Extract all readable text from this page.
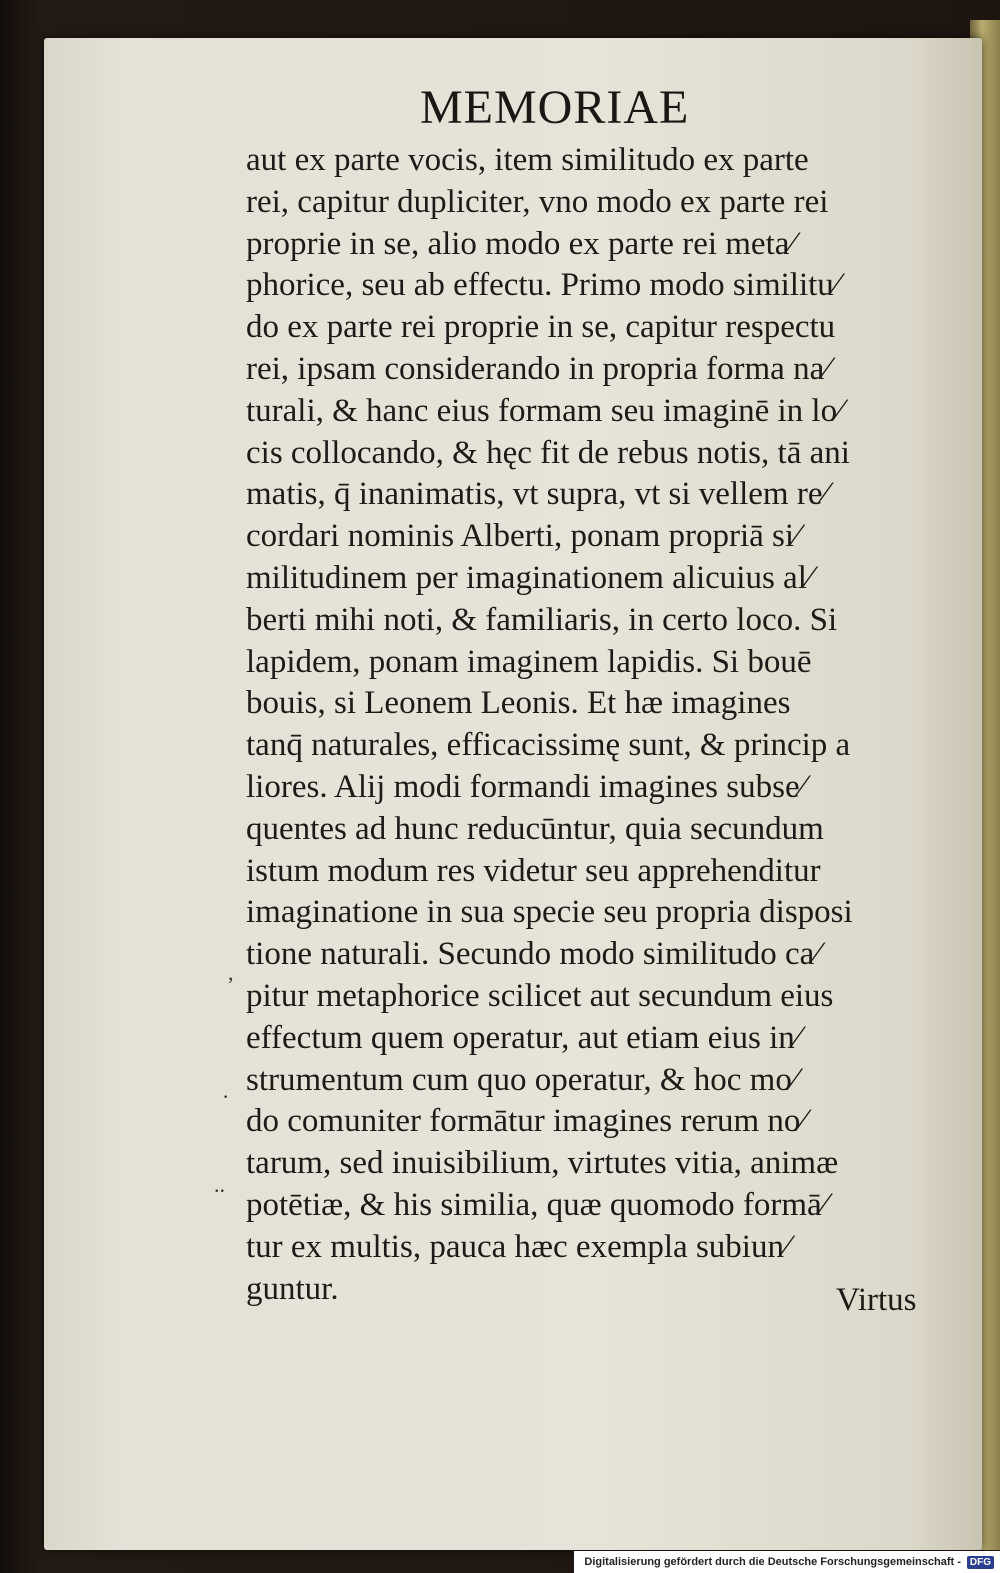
MEMORIAE
aut ex parte vocis, item similitudo ex parte
rei, capitur dupliciter, vno modo ex parte rei
proprie in se, alio modo ex parte rei meta⁄
phorice, seu ab effectu. Primo modo similitu⁄
do ex parte rei proprie in se, capitur respectu
rei, ipsam considerando in propria forma na⁄
turali, & hanc eius formam seu imaginē in lo⁄
cis collocando, & hęc fit de rebus notis, tā ani
matis, q̄ inanimatis, vt supra, vt si vellem re⁄
cordari nominis Alberti, ponam propriā si⁄
militudinem per imaginationem alicuius al⁄
berti mihi noti, & familiaris, in certo loco. Si
lapidem, ponam imaginem lapidis. Si bouē
bouis, si Leonem Leonis. Et hæ imagines
tanq̄ naturales, efficacissimę sunt, & princip a
liores. Alij modi formandi imagines subse⁄
quentes ad hunc reducūntur, quia secundum
istum modum res videtur seu apprehenditur
imaginatione in sua specie seu propria disposi
tione naturali. Secundo modo similitudo ca⁄
pitur metaphorice scilicet aut secundum eius
effectum quem operatur, aut etiam eius in⁄
strumentum cum quo operatur, & hoc mo⁄
do comuniter formātur imagines rerum no⁄
tarum, sed inuisibilium, virtutes vitia, animæ
potētiæ, & his similia, quæ quomodo formā⁄
tur ex multis, pauca hæc exempla subiun⁄
guntur.	Virtus
,
·
..
Digitalisierung gefördert durch die Deutsche Forschungsgemeinschaft - DFG
